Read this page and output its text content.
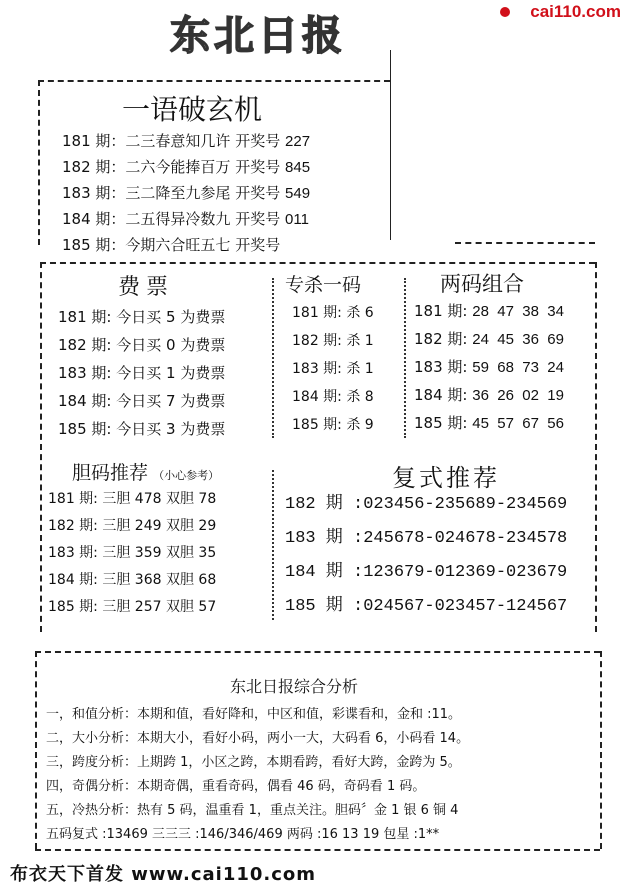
东北日报
cai110.com
一语破玄机
181 期：二三春意知几许 开奖号 227
182 期：二六今能捧百万 开奖号 845
183 期：三二降至九参尾 开奖号 549
184 期：二五得异冷数九 开奖号 011
185 期：今期六合旺五七 开奖号
费票
181 期: 今日买 5 为费票
182 期: 今日买 0 为费票
183 期: 今日买 1 为费票
184 期: 今日买 7 为费票
185 期: 今日买 3 为费票
专杀一码
181 期: 杀 6
182 期: 杀 1
183 期: 杀 1
184 期: 杀 8
185 期: 杀 9
两码组合
181 期: 28  47  38  34
182 期: 24  45  36  69
183 期: 59  68  73  24
184 期: 36  26  02  19
185 期: 45  57  67  56
胆码推荐 （小心参考）
181 期: 三胆 478 双胆 78
182 期: 三胆 249 双胆 29
183 期: 三胆 359 双胆 35
184 期: 三胆 368 双胆 68
185 期: 三胆 257 双胆 57
复式推荐
182 期 :023456-235689-234569
183 期 :245678-024678-234578
184 期 :123679-012369-023679
185 期 :024567-023457-124567
东北日报综合分析
一，和值分析：本期和值，看好降和，中区和值，彩谍看和，金和 :11。
二，大小分析：本期大小，看好小码，两小一大，大码看 6，小码看 14。
三，跨度分析：上期跨 1，小区之跨，本期看跨，看好大跨，金跨为 5。
四，奇偶分析：本期奇偶，重看奇码，偶看 46 码，奇码看 1 码。
五，冷热分析：热有 5 码，温重看 1，重点关注。胆码〞金 1 银 6 铜 4
五码复式 :13469 三三三 :146/346/469 两码 :16 13 19 包星 :1**
布衣天下首发 www.cai110.com
